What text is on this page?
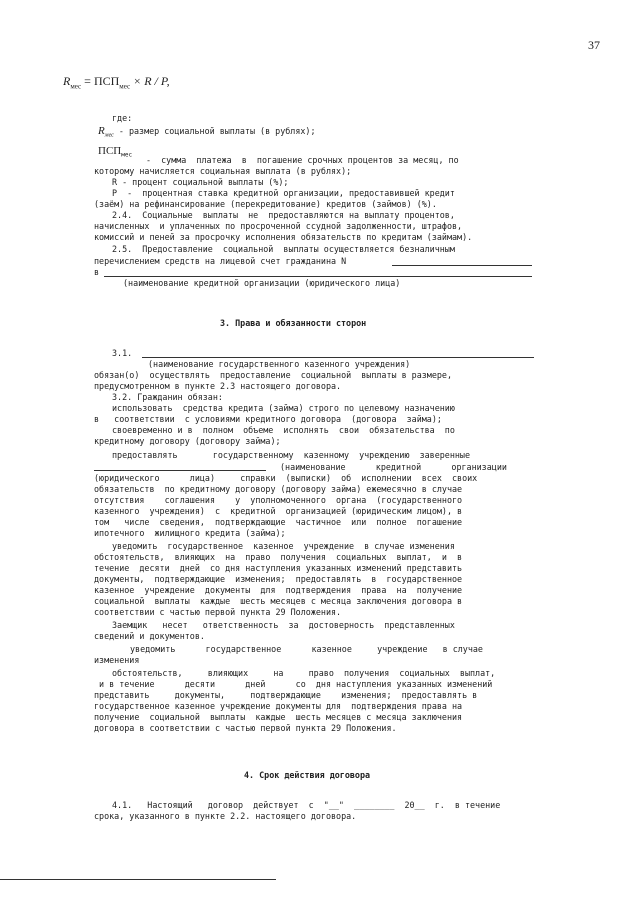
37
$R_{мес} = ПСП_{мес} \times R / P$,
где:
$R_{мес}$ - размер социальной выплаты (в рублях);
$ПСП_{мес}$ -  сумма  платежа  в  погашение срочных процентов за месяц, по
которому начисляется социальная выплата (в рублях);
R - процент социальной выплаты (%);
Р  -  процентная ставка кредитной организации, предоставившей кредит
(заём) на рефинансирование (перекредитование) кредитов (займов) (%).
2.4.  Социальные  выплаты  не  предоставляются на выплату процентов,
начисленных  и уплаченных по просроченной ссудной задолженности, штрафов,
комиссий и пеней за просрочку исполнения обязательств по кредитам (займам).
2.5.  Предоставление  социальной  выплаты осуществляется безналичным
перечислением средств на лицевой счет гражданина N
в
(наименование кредитной организации (юридического лица)
3. Права и обязанности сторон
3.1.
(наименование государственного казенного учреждения)
обязан(о)  осуществлять  предоставление  социальной  выплаты в размере,
предусмотренном в пункте 2.3 настоящего договора.
3.2. Гражданин обязан:
использовать  средства кредита (займа) строго по целевому назначению
в   соответствии  с условиями кредитного договора  (договора  займа);
своевременно и в  полном  объеме  исполнять  свои  обязательства  по
кредитному договору (договору займа);
предоставлять       государственному  казенному  учреждению  заверенные
(наименование      кредитной      организации
(юридического      лица)     справки  (выписки)  об  исполнении  всех  своих
обязательств  по кредитному договору (договору займа) ежемесячно в случае
отсутствия    соглашения    у  уполномоченного  органа  (государственного
казенного  учреждения)  с  кредитной  организацией (юридическим лицом), в
том   числе  сведения,  подтверждающие  частичное  или  полное  погашение
ипотечного  жилищного кредита (займа);
уведомить  государственное  казенное  учреждение  в случае изменения
обстоятельств,  влияющих  на  право  получения  социальных  выплат,  и  в
течение  десяти  дней  со дня наступления указанных изменений представить
документы,  подтверждающие  изменения;  предоставлять  в  государственное
казенное  учреждение  документы  для  подтверждения  права  на  получение
социальной  выплаты  каждые  шесть месяцев с месяца заключения договора в
соответствии с частью первой пункта 29 Положения.
Заемщик   несет   ответственность  за  достоверность  представленных
сведений и документов.
уведомить      государственное      казенное     учреждение   в случае
изменения
обстоятельств,     влияющих     на     право  получения  социальных  выплат,
и в течение      десяти      дней      со  дня наступления указанных изменений
представить     документы,     подтверждающие    изменения;  предоставлять в
государственное казенное учреждение документы для  подтверждения права на
получение  социальной  выплаты  каждые  шесть месяцев с месяца заключения
договора в соответствии с частью первой пункта 29 Положения.
4. Срок действия договора
4.1.   Настоящий   договор  действует  с  "__"  ________  20__  г.  в течение
срока, указанного в пункте 2.2. настоящего договора.
